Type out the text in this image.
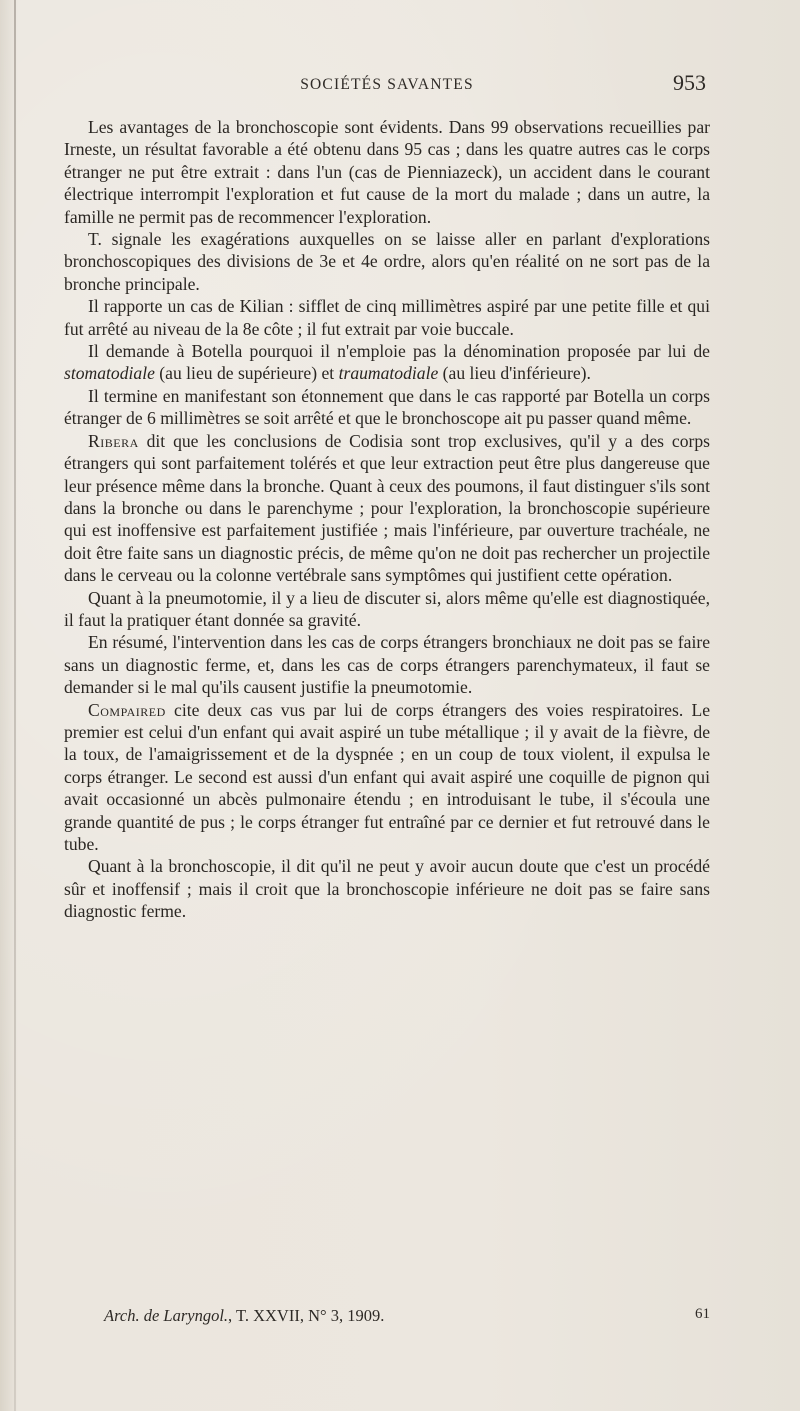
SOCIÉTÉS SAVANTES	953

Les avantages de la bronchoscopie sont évidents. Dans 99 observations recueillies par Irneste, un résultat favorable a été obtenu dans 95 cas ; dans les quatre autres cas le corps étranger ne put être extrait : dans l'un (cas de Pienniazeck), un accident dans le courant électrique interrompit l'exploration et fut cause de la mort du malade ; dans un autre, la famille ne permit pas de recommencer l'exploration.

T. signale les exagérations auxquelles on se laisse aller en parlant d'explorations bronchoscopiques des divisions de 3e et 4e ordre, alors qu'en réalité on ne sort pas de la bronche principale.

Il rapporte un cas de Kilian : sifflet de cinq millimètres aspiré par une petite fille et qui fut arrêté au niveau de la 8e côte ; il fut extrait par voie buccale.

Il demande à Botella pourquoi il n'emploie pas la dénomination proposée par lui de stomatodiale (au lieu de supérieure) et traumatodiale (au lieu d'inférieure).

Il termine en manifestant son étonnement que dans le cas rapporté par Botella un corps étranger de 6 millimètres se soit arrêté et que le bronchoscope ait pu passer quand même.

Ribera dit que les conclusions de Codisia sont trop exclusives, qu'il y a des corps étrangers qui sont parfaitement tolérés et que leur extraction peut être plus dangereuse que leur présence même dans la bronche. Quant à ceux des poumons, il faut distinguer s'ils sont dans la bronche ou dans le parenchyme ; pour l'exploration, la bronchoscopie supérieure qui est inoffensive est parfaitement justifiée ; mais l'inférieure, par ouverture trachéale, ne doit être faite sans un diagnostic précis, de même qu'on ne doit pas rechercher un projectile dans le cerveau ou la colonne vertébrale sans symptômes qui justifient cette opération.

Quant à la pneumotomie, il y a lieu de discuter si, alors même qu'elle est diagnostiquée, il faut la pratiquer étant donnée sa gravité.

En résumé, l'intervention dans les cas de corps étrangers bronchiaux ne doit pas se faire sans un diagnostic ferme, et, dans les cas de corps étrangers parenchymateux, il faut se demander si le mal qu'ils causent justifie la pneumotomie.

Compaired cite deux cas vus par lui de corps étrangers des voies respiratoires. Le premier est celui d'un enfant qui avait aspiré un tube métallique ; il y avait de la fièvre, de la toux, de l'amaigrissement et de la dyspnée ; en un coup de toux violent, il expulsa le corps étranger. Le second est aussi d'un enfant qui avait aspiré une coquille de pignon qui avait occasionné un abcès pulmonaire étendu ; en introduisant le tube, il s'écoula une grande quantité de pus ; le corps étranger fut entraîné par ce dernier et fut retrouvé dans le tube.

Quant à la bronchoscopie, il dit qu'il ne peut y avoir aucun doute que c'est un procédé sûr et inoffensif ; mais il croit que la bronchoscopie inférieure ne doit pas se faire sans diagnostic ferme.

Arch. de Laryngol., T. XXVII, N° 3, 1909.	61
